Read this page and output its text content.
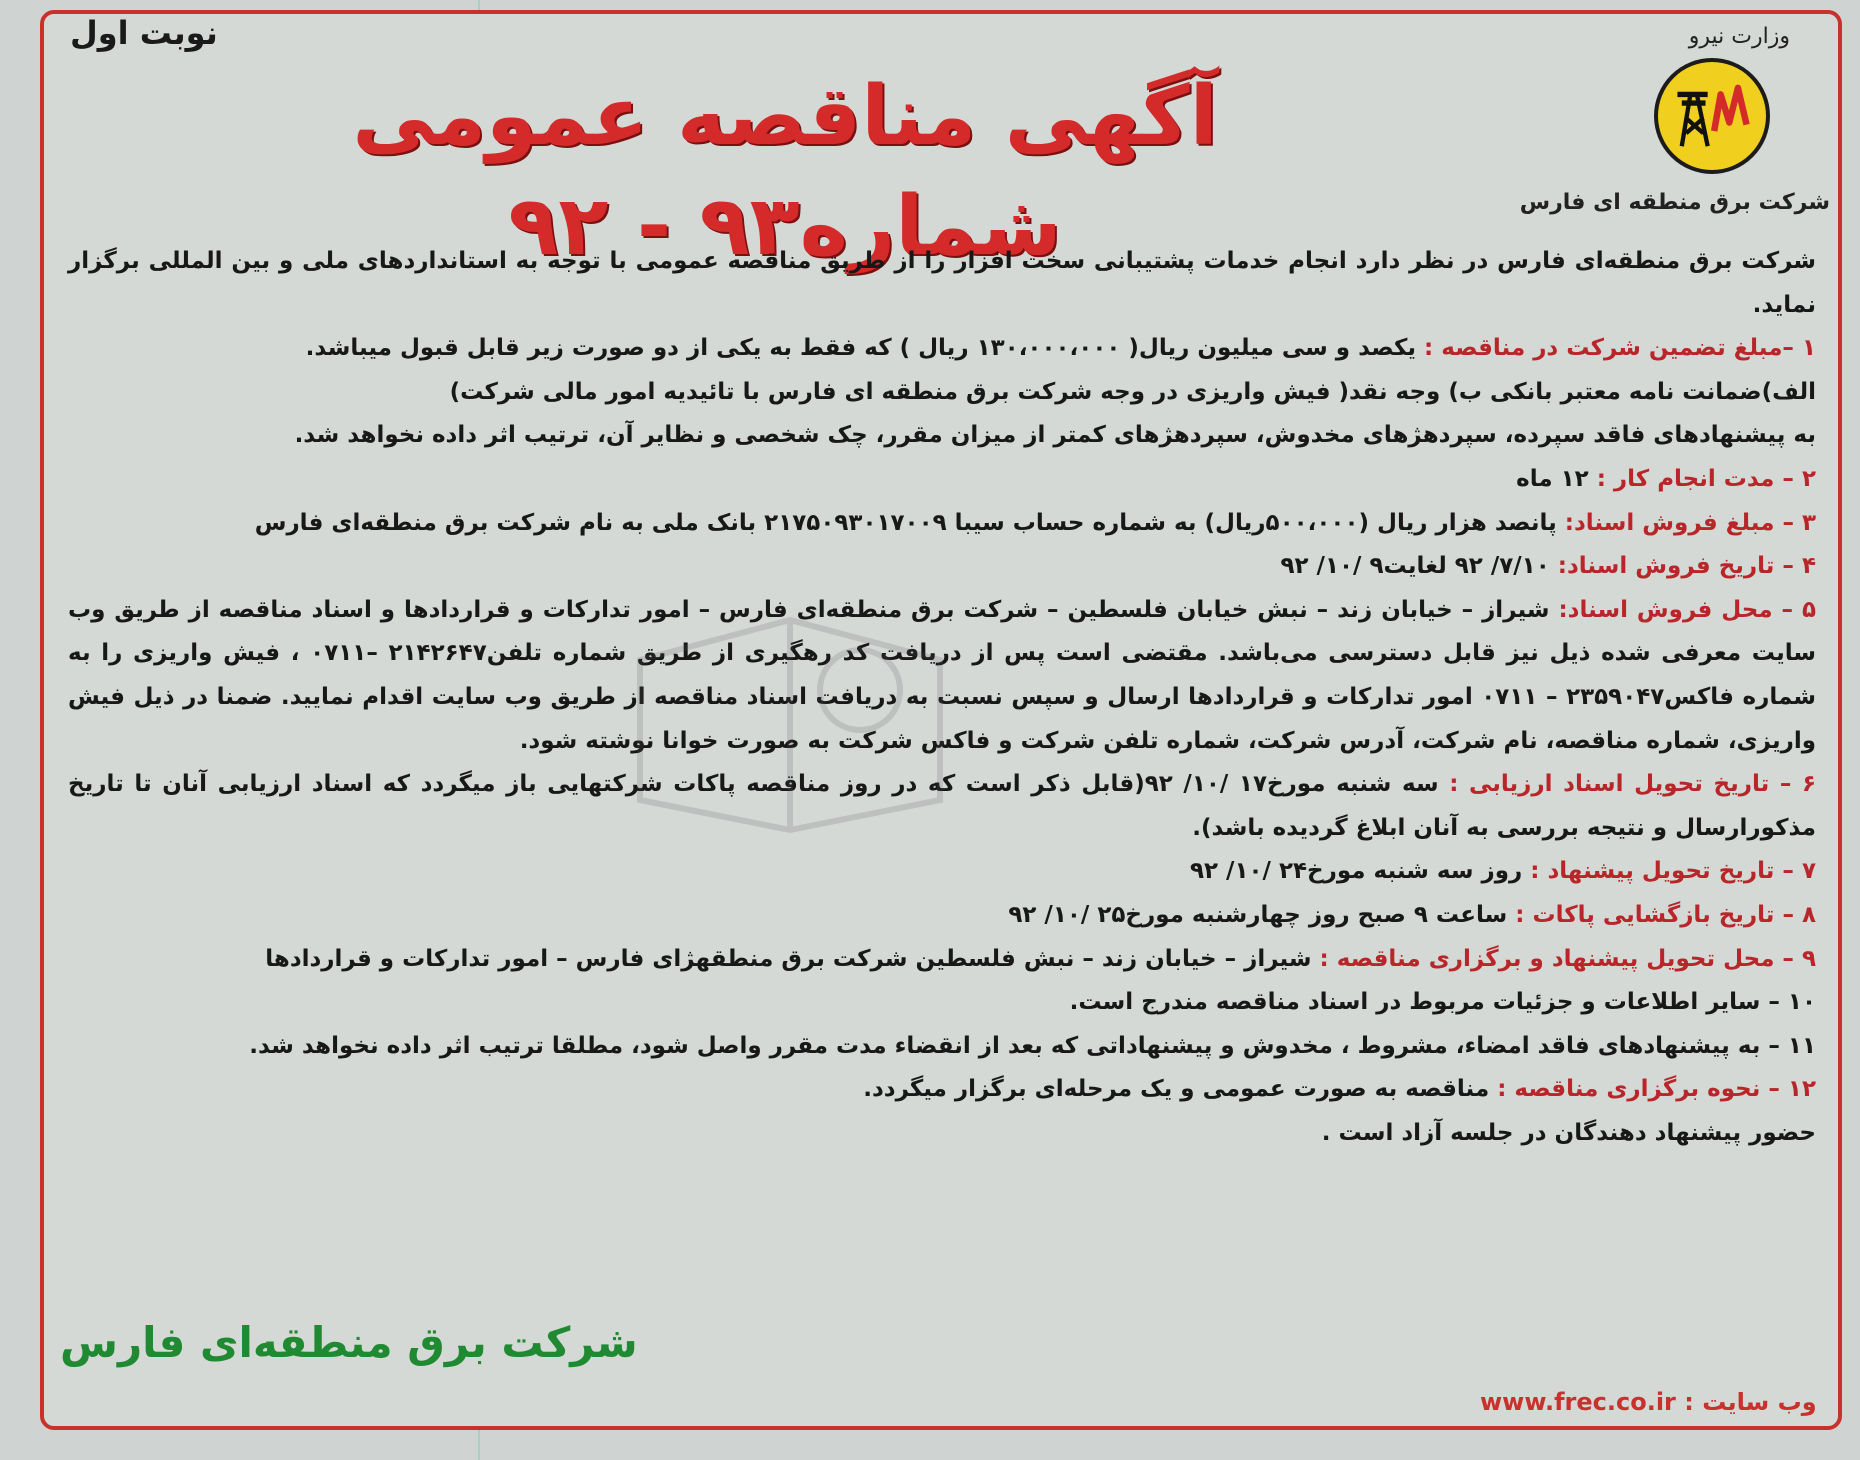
وزارت نیرو
شرکت برق منطقه ای فارس
نوبت اول
آگهی مناقصه عمومی شماره۹۳ - ۹۲

شرکت برق منطقه‌ای فارس در نظر دارد انجام خدمات پشتیبانی سخت افزار را از طریق مناقصه عمومی با توجه به استانداردهای ملی و بین المللی برگزار نماید.

۱ –مبلغ تضمین شرکت در مناقصه : یکصد و سی میلیون ریال( ۱۳۰،۰۰۰،۰۰۰ ریال ) که فقط به یکی از دو صورت زیر قابل قبول میباشد.

الف)ضمانت نامه معتبر بانکی ب) وجه نقد( فیش واریزی در وجه شرکت برق منطقه ای فارس با تائیدیه امور مالی شرکت)

به پیشنهادهای فاقد سپرده، سپردهژهای مخدوش، سپردهژهای کمتر از میزان مقرر، چک شخصی و نظایر آن، ترتیب اثر داده نخواهد شد.

۲ – مدت انجام کار : ۱۲ ماه

۳ – مبلغ فروش اسناد: پانصد هزار ریال (۵۰۰،۰۰۰ریال) به شماره حساب سیبا ۲۱۷۵۰۹۳۰۱۷۰۰۹ بانک ملی به نام شرکت برق منطقه‌ای فارس

۴ – تاریخ فروش اسناد: ۷/۱۰/ ۹۲ لغایت۹ /۱۰/ ۹۲

۵ – محل فروش اسناد: شیراز – خیابان زند – نبش خیابان فلسطین – شرکت برق منطقه‌ای فارس – امور تدارکات و قراردادها و اسناد مناقصه از طریق وب سایت معرفی شده ذیل نیز قابل دسترسی می‌باشد. مقتضی است پس از دریافت کد رهگیری از طریق شماره تلفن۲۱۴۲۶۴۷ –۰۷۱۱ ، فیش واریزی را به شماره فاکس۲۳۵۹۰۴۷ – ۰۷۱۱ امور تدارکات و قراردادها ارسال و سپس نسبت به دریافت اسناد مناقصه از طریق وب سایت اقدام نمایید. ضمنا در ذیل فیش واریزی، شماره مناقصه، نام شرکت، آدرس شرکت، شماره تلفن شرکت و فاکس شرکت به صورت خوانا نوشته شود.

۶ – تاریخ تحویل اسناد ارزیابی : سه شنبه مورخ۱۷ /۱۰/ ۹۲(قابل ذکر است که در روز مناقصه پاکات شرکتهایی باز میگردد که اسناد ارزیابی آنان تا تاریخ مذکورارسال و نتیجه بررسی به آنان ابلاغ گردیده باشد).

۷ – تاریخ تحویل پیشنهاد : روز سه شنبه مورخ۲۴ /۱۰/ ۹۲

۸ – تاریخ بازگشایی پاکات : ساعت ۹ صبح روز چهارشنبه مورخ۲۵ /۱۰/ ۹۲

۹ – محل تحویل پیشنهاد و برگزاری مناقصه : شیراز – خیابان زند – نبش فلسطین شرکت برق منطقهژای فارس – امور تدارکات و قراردادها

۱۰ – سایر اطلاعات و جزئیات مربوط در اسناد مناقصه مندرج است.

۱۱ – به پیشنهادهای فاقد امضاء، مشروط ، مخدوش و پیشنهاداتی که بعد از انقضاء مدت مقرر واصل شود، مطلقا ترتیب اثر داده نخواهد شد.

۱۲ – نحوه برگزاری مناقصه : مناقصه به صورت عمومی و یک مرحله‌ای برگزار میگردد.

حضور پیشنهاد دهندگان در جلسه آزاد است .

شرکت برق منطقه‌ای فارس
وب سایت : www.frec.co.ir
